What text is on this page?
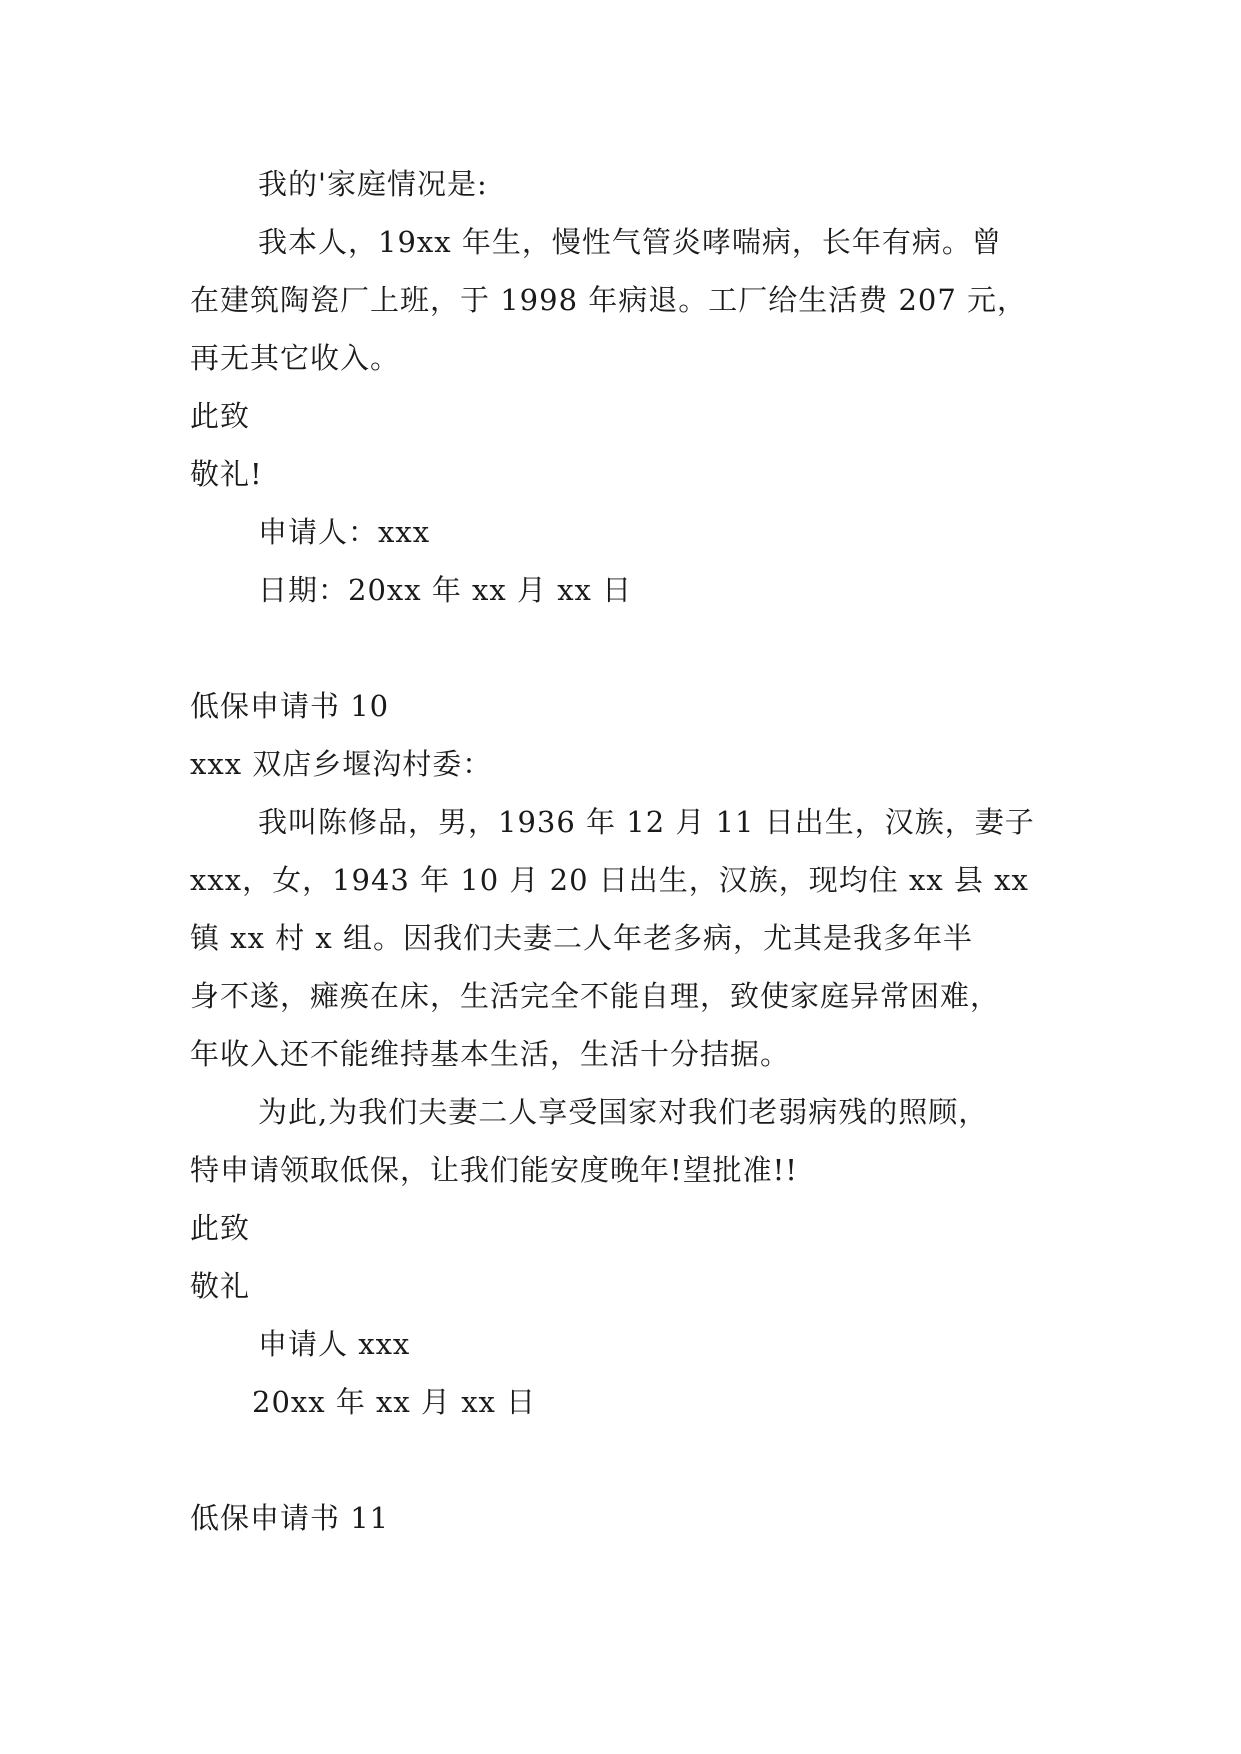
我的'家庭情况是:
我本人，19xx 年生，慢性气管炎哮喘病，长年有病。曾
在建筑陶瓷厂上班，于 1998 年病退。工厂给生活费 207 元，
再无其它收入。
此致
敬礼!
申请人：xxx
日期：20xx 年 xx 月 xx 日
低保申请书 10
xxx 双店乡堰沟村委：
我叫陈修品，男，1936 年 12 月 11 日出生，汉族，妻子
xxx，女，1943 年 10 月 20 日出生，汉族，现均住 xx 县 xx
镇 xx 村 x 组。因我们夫妻二人年老多病，尤其是我多年半
身不遂，瘫痪在床，生活完全不能自理，致使家庭异常困难，
年收入还不能维持基本生活，生活十分拮据。
为此,为我们夫妻二人享受国家对我们老弱病残的照顾，
特申请领取低保，让我们能安度晚年!望批准!!
此致
敬礼
申请人 xxx
20xx 年 xx 月 xx 日
低保申请书 11
